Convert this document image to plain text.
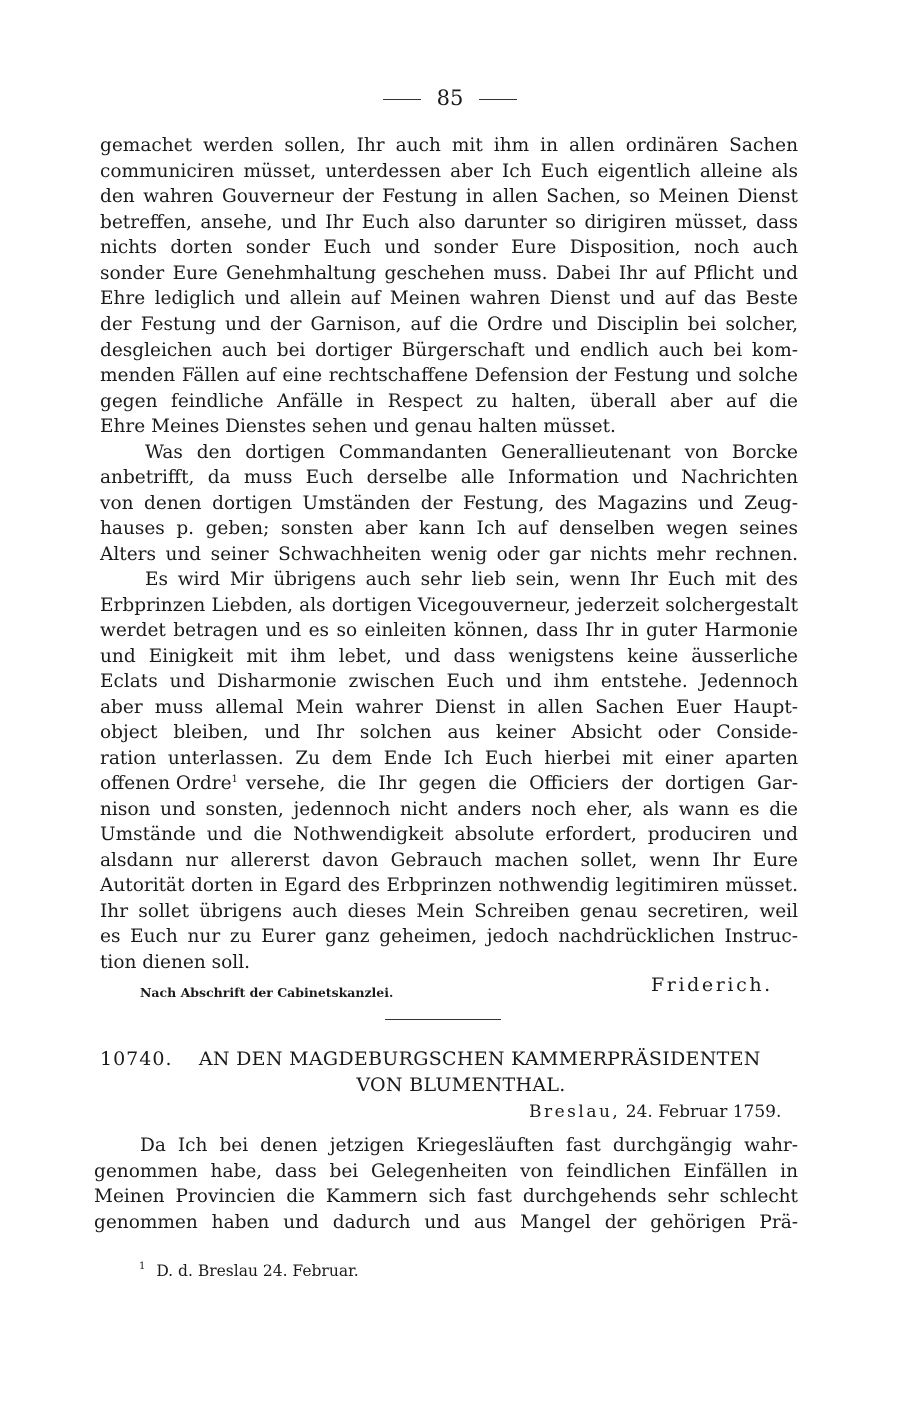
85
gemachet werden sollen, Ihr auch mit ihm in allen ordinären Sachen
communiciren müsset, unterdessen aber Ich Euch eigentlich alleine als
den wahren Gouverneur der Festung in allen Sachen, so Meinen Dienst
betreffen, ansehe, und Ihr Euch also darunter so dirigiren müsset, dass
nichts dorten sonder Euch und sonder Eure Disposition, noch auch
sonder Eure Genehmhaltung geschehen muss. Dabei Ihr auf Pflicht und
Ehre lediglich und allein auf Meinen wahren Dienst und auf das Beste
der Festung und der Garnison, auf die Ordre und Disciplin bei solcher,
desgleichen auch bei dortiger Bürgerschaft und endlich auch bei kom-
menden Fällen auf eine rechtschaffene Defension der Festung und solche
gegen feindliche Anfälle in Respect zu halten, überall aber auf die
Ehre Meines Dienstes sehen und genau halten müsset.
Was den dortigen Commandanten Generallieutenant von Borcke
anbetrifft, da muss Euch derselbe alle Information und Nachrichten
von denen dortigen Umständen der Festung, des Magazins und Zeug-
hauses p. geben; sonsten aber kann Ich auf denselben wegen seines
Alters und seiner Schwachheiten wenig oder gar nichts mehr rechnen.
Es wird Mir übrigens auch sehr lieb sein, wenn Ihr Euch mit des
Erbprinzen Liebden, als dortigen Vicegouverneur, jederzeit solchergestalt
werdet betragen und es so einleiten können, dass Ihr in guter Harmonie
und Einigkeit mit ihm lebet, und dass wenigstens keine äusserliche
Eclats und Disharmonie zwischen Euch und ihm entstehe. Jedennoch
aber muss allemal Mein wahrer Dienst in allen Sachen Euer Haupt-
object bleiben, und Ihr solchen aus keiner Absicht oder Conside-
ration unterlassen. Zu dem Ende Ich Euch hierbei mit einer aparten
offenen Ordre$^1$ versehe, die Ihr gegen die Officiers der dortigen Gar-
nison und sonsten, jedennoch nicht anders noch eher, als wann es die
Umstände und die Nothwendigkeit absolute erfordert, produciren und
alsdann nur allererst davon Gebrauch machen sollet, wenn Ihr Eure
Autorität dorten in Egard des Erbprinzen nothwendig legitimiren müsset.
Ihr sollet übrigens auch dieses Mein Schreiben genau secretiren, weil
es Euch nur zu Eurer ganz geheimen, jedoch nachdrücklichen Instruc-
tion dienen soll.
Nach Abschrift der Cabinetskanzlei.	Friderich.
10740. AN DEN MAGDEBURGSCHEN KAMMERPRÄSIDENTEN
VON BLUMENTHAL.
Breslau, 24. Februar 1759.
Da Ich bei denen jetzigen Kriegesläuften fast durchgängig wahr-
genommen habe, dass bei Gelegenheiten von feindlichen Einfällen in
Meinen Provincien die Kammern sich fast durchgehends sehr schlecht
genommen haben und dadurch und aus Mangel der gehörigen Prä-
$^1$ D. d. Breslau 24. Februar.
